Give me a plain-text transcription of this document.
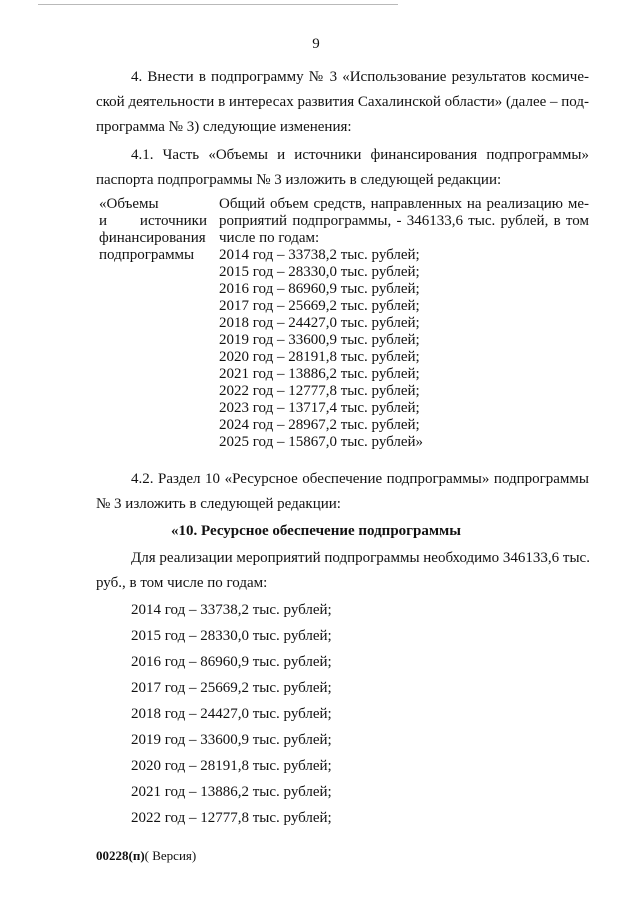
9
4. Внести в подпрограмму № 3 «Использование результатов космиче-
ской деятельности в интересах развития Сахалинской области» (далее – под-
программа № 3) следующие изменения:
4.1. Часть «Объемы и источники финансирования подпрограммы»
паспорта подпрограммы № 3 изложить в следующей редакции:
«Объемы
и источники
финансирования
подпрограммы
Общий объем средств, направленных на реализацию ме-
роприятий подпрограммы, - 346133,6 тыс. рублей, в том
числе по годам:
2014 год – 33738,2 тыс. рублей;
2015 год – 28330,0 тыс. рублей;
2016 год – 86960,9 тыс. рублей;
2017 год – 25669,2 тыс. рублей;
2018 год – 24427,0 тыс. рублей;
2019 год – 33600,9 тыс. рублей;
2020 год – 28191,8 тыс. рублей;
2021 год – 13886,2 тыс. рублей;
2022 год – 12777,8 тыс. рублей;
2023 год – 13717,4 тыс. рублей;
2024 год – 28967,2 тыс. рублей;
2025 год – 15867,0 тыс. рублей»
4.2. Раздел 10 «Ресурсное обеспечение подпрограммы» подпрограммы
№ 3 изложить в следующей редакции:
«10. Ресурсное обеспечение подпрограммы
Для реализации мероприятий подпрограммы необходимо 346133,6 тыс.
руб., в том числе по годам:
2014 год – 33738,2 тыс. рублей;
2015 год – 28330,0 тыс. рублей;
2016 год – 86960,9 тыс. рублей;
2017 год – 25669,2 тыс. рублей;
2018 год – 24427,0 тыс. рублей;
2019 год – 33600,9 тыс. рублей;
2020 год – 28191,8 тыс. рублей;
2021 год – 13886,2 тыс. рублей;
2022 год – 12777,8 тыс. рублей;
00228(п)( Версия)
